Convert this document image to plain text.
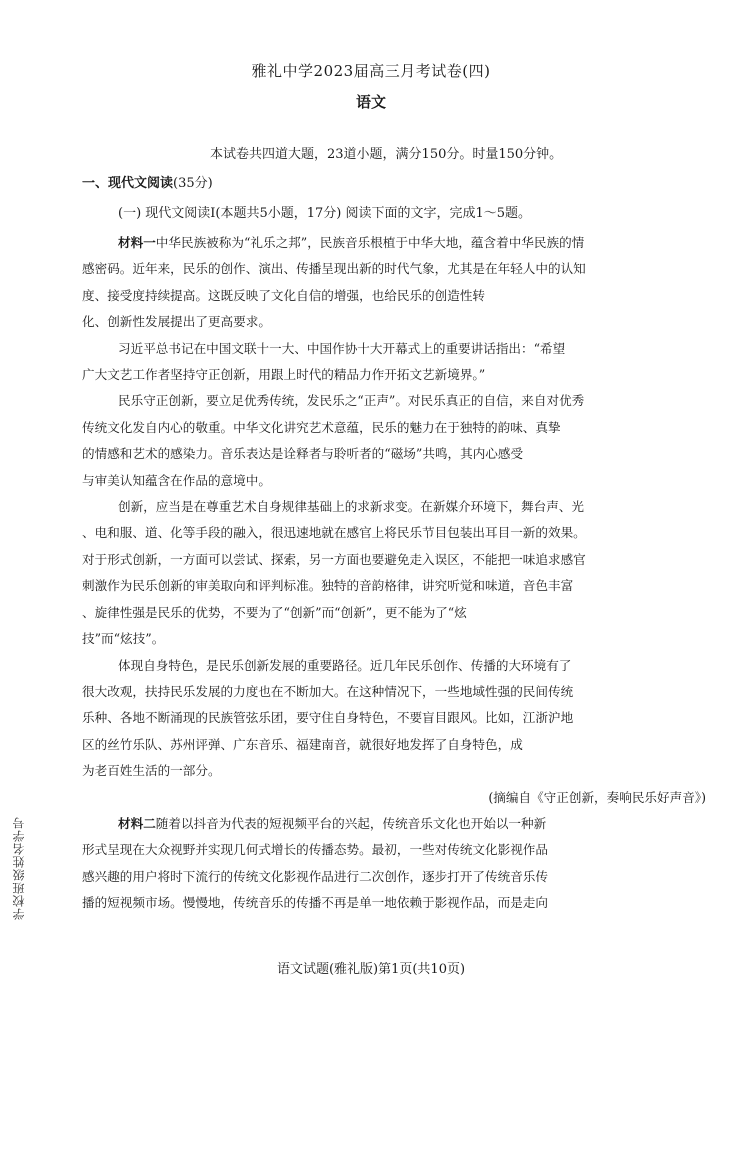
雅礼中学2023届高三月考试卷(四)
语文
本试卷共四道大题，23道小题，满分150分。时量150分钟。
一、现代文阅读(35分)
(一) 现代文阅读Ⅰ(本题共5小题，17分) 阅读下面的文字，完成1～5题。

材料一中华民族被称为“礼乐之邦”，民族音乐根植于中华大地，蕴含着中华民族的情

感密码。近年来，民乐的创作、演出、传播呈现出新的时代气象，尤其是在年轻人中的认知

度、接受度持续提高。这既反映了文化自信的增强，也给民乐的创造性转

化、创新性发展提出了更高要求。

习近平总书记在中国文联十一大、中国作协十大开幕式上的重要讲话指出：“希望

广大文艺工作者坚持守正创新，用跟上时代的精品力作开拓文艺新境界。”

民乐守正创新，要立足优秀传统，发民乐之“正声”。对民乐真正的自信，来自对优秀

传统文化发自内心的敬重。中华文化讲究艺术意蕴，民乐的魅力在于独特的韵味、真挚

的情感和艺术的感染力。音乐表达是诠释者与聆听者的“磁场”共鸣，其内心感受

与审美认知蕴含在作品的意境中。

创新，应当是在尊重艺术自身规律基础上的求新求变。在新媒介环境下，舞台声、光

、电和服、道、化等手段的融入，很迅速地就在感官上将民乐节目包装出耳目一新的效果。

对于形式创新，一方面可以尝试、探索，另一方面也要避免走入误区，不能把一味追求感官

刺激作为民乐创新的审美取向和评判标准。独特的音韵格律，讲究听觉和味道，音色丰富

、旋律性强是民乐的优势，不要为了“创新”而“创新”，更不能为了“炫

技”而“炫技”。

体现自身特色，是民乐创新发展的重要路径。近几年民乐创作、传播的大环境有了

很大改观，扶持民乐发展的力度也在不断加大。在这种情况下，一些地域性强的民间传统

乐种、各地不断涌现的民族管弦乐团，要守住自身特色，不要盲目跟风。比如，江浙沪地

区的丝竹乐队、苏州评弹、广东音乐、福建南音，就很好地发挥了自身特色，成

为老百姓生活的一部分。

(摘编自《守正创新，奏响民乐好声音》)

材料二随着以抖音为代表的短视频平台的兴起，传统音乐文化也开始以一种新

形式呈现在大众视野并实现几何式增长的传播态势。最初，一些对传统文化影视作品

感兴趣的用户将时下流行的传统文化影视作品进行二次创作，逐步打开了传统音乐传

播的短视频市场。慢慢地，传统音乐的传播不再是单一地依赖于影视作品，而是走向

学校班级姓名学号
语文试题(雅礼版)第1页(共10页)
